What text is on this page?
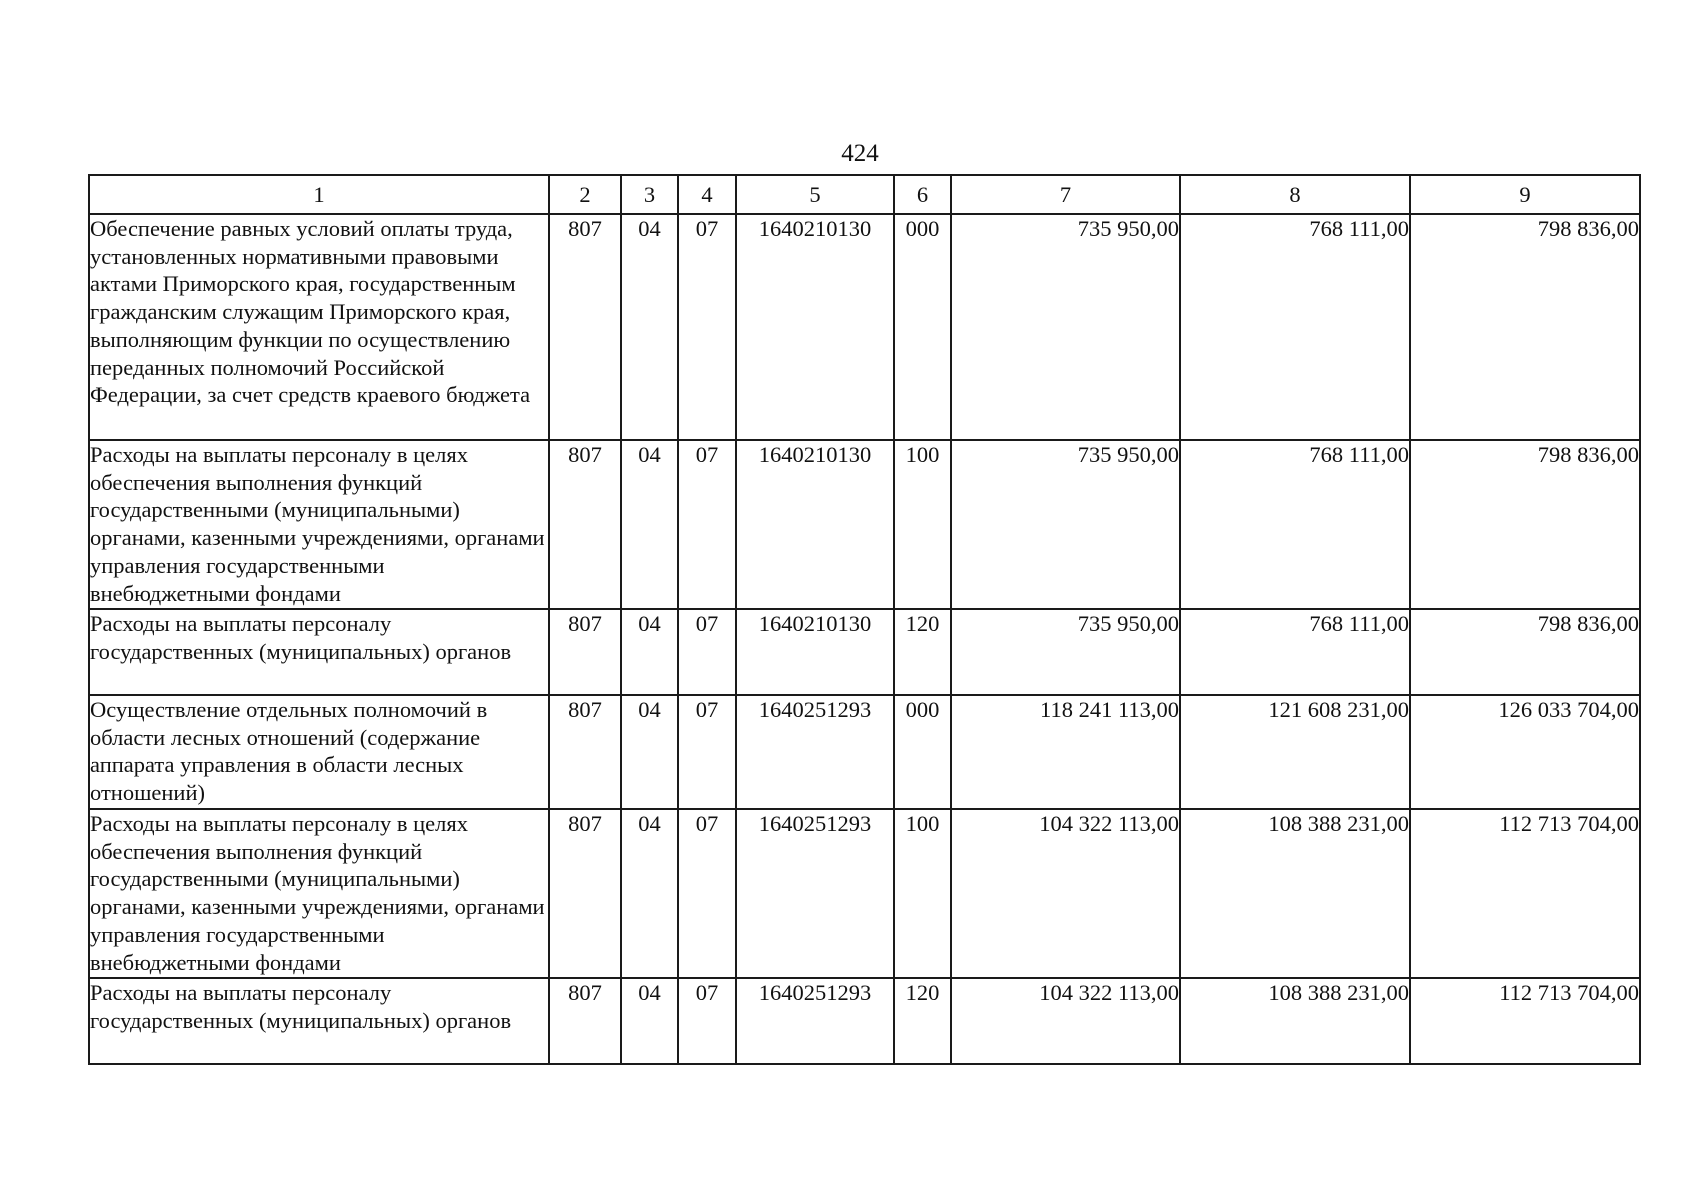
424
1	2	3	4	5	6	7	8	9
Обеспечение равных условий оплаты труда, установленных нормативными правовыми актами Приморского края, государственным гражданским служащим Приморского края, выполняющим функции по осуществлению переданных полномочий Российской Федерации, за счет средств краевого бюджета	807	04	07	1640210130	000	735 950,00	768 111,00	798 836,00
Расходы на выплаты персоналу в целях обеспечения выполнения функций государственными (муниципальными) органами, казенными учреждениями, органами управления государственными внебюджетными фондами	807	04	07	1640210130	100	735 950,00	768 111,00	798 836,00
Расходы на выплаты персоналу государственных (муниципальных) органов	807	04	07	1640210130	120	735 950,00	768 111,00	798 836,00
Осуществление отдельных полномочий в области лесных отношений (содержание аппарата управления в области лесных отношений)	807	04	07	1640251293	000	118 241 113,00	121 608 231,00	126 033 704,00
Расходы на выплаты персоналу в целях обеспечения выполнения функций государственными (муниципальными) органами, казенными учреждениями, органами управления государственными внебюджетными фондами	807	04	07	1640251293	100	104 322 113,00	108 388 231,00	112 713 704,00
Расходы на выплаты персоналу государственных (муниципальных) органов	807	04	07	1640251293	120	104 322 113,00	108 388 231,00	112 713 704,00
